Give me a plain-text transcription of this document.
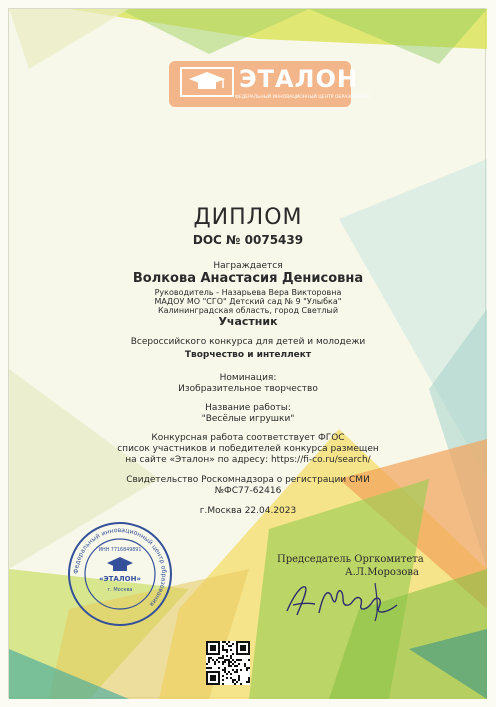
ЭТАЛОН
ФЕДЕРАЛЬНЫЙ ИННОВАЦИОННЫЙ ЦЕНТР ОБРАЗОВАНИЯ
ДИПЛОМ
DOC № 0075439
Награждается
Волкова Анастасия Денисовна
Руководитель - Назарьева Вера Викторовна
МАДОУ МО "СГО" Детский сад № 9 "Улыбка"
Калининградская область, город Светлый
Участник
Всероссийского конкурса для детей и молодежи
Творчество и интеллект
Номинация:
Изобразительное творчество
Название работы:
"Весёлые игрушки"
Конкурсная работа соответствует ФГОС
список участников и победителей конкурса размещен
на сайте «Эталон» по адресу: https://fi-co.ru/search/
Свидетельство Роскомнадзора о регистрации СМИ
№ФС77-62416
г.Москва 22.04.2023
Председатель Оргкомитета
А.Л.Морозова
Федеральный инновационный центр образования
ИНН 7716849891
«ЭТАЛОН»
г. Москва
